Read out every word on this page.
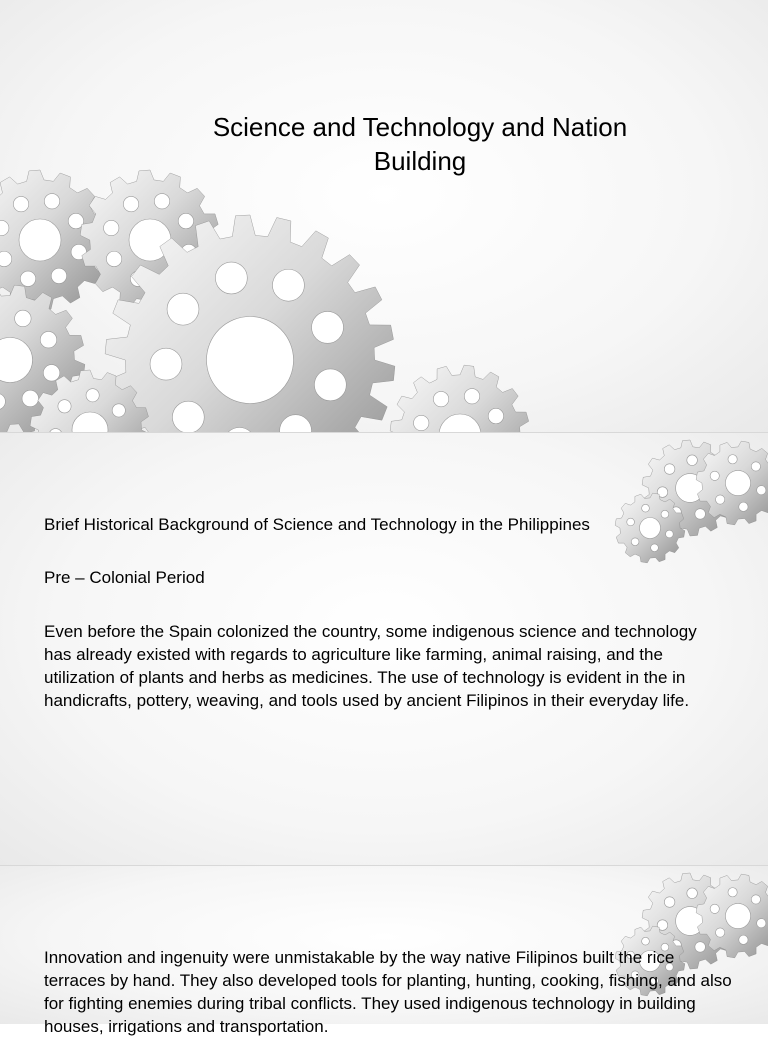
Science and Technology and Nation Building

Brief Historical Background of Science and Technology in the Philippines

Pre – Colonial Period

Even before the Spain colonized the country, some indigenous science and technology has already existed with regards to agriculture like farming, animal raising, and the utilization of plants and herbs as medicines. The use of technology is evident in the in handicrafts, pottery, weaving, and tools used by ancient Filipinos in their everyday life.

Innovation and ingenuity were unmistakable by the way native Filipinos built the rice terraces by hand. They also developed tools for planting, hunting, cooking, fishing, and also for fighting enemies during tribal conflicts. They used indigenous technology in building houses, irrigations and transportation.
